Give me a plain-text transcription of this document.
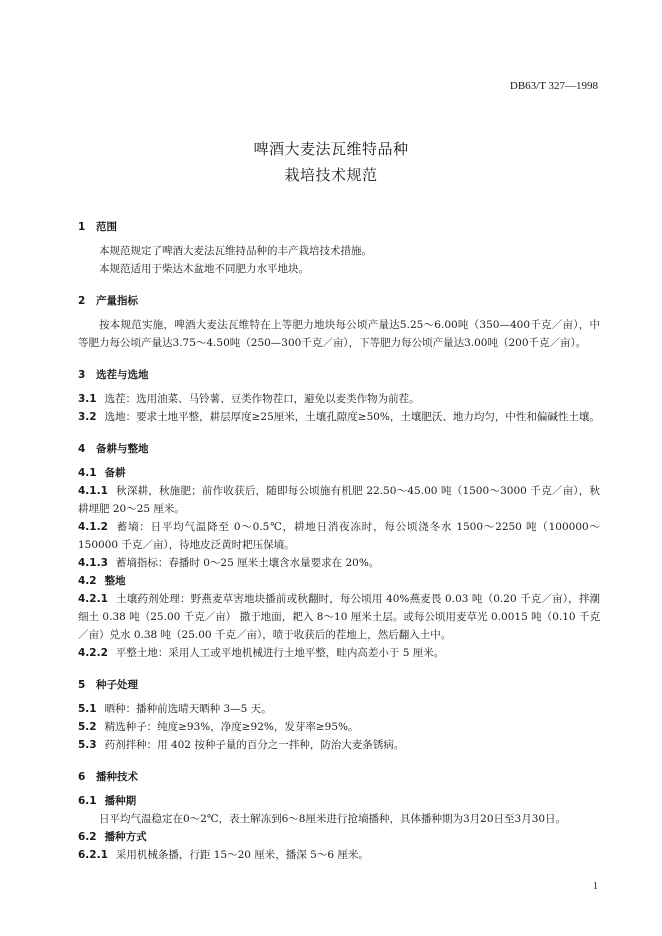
DB63/T 327—1998
啤酒大麦法瓦维特品种
栽培技术规范
1 范围
本规范规定了啤酒大麦法瓦维持品种的丰产栽培技术措施。
本规范适用于柴达木盆地不同肥力水平地块。
2 产量指标
按本规范实施，啤酒大麦法瓦维特在上等肥力地块每公顷产量达5.25～6.00吨（350—400千克／亩），中等肥力每公顷产量达3.75～4.50吨（250—300千克／亩），下等肥力每公顷产量达3.00吨（200千克／亩）。
3 选茬与选地
3.1 选茬：选用油菜、马铃薯、豆类作物茬口，避免以麦类作物为前茬。
3.2 选地：要求土地平整，耕层厚度≥25厘米，土壤孔隙度≥50%，土壤肥沃、地力均匀，中性和偏碱性土壤。
4 备耕与整地
4.1 备耕
4.1.1 秋深耕，秋施肥；前作收获后，随即每公顷施有机肥 22.50～45.00 吨（1500～3000 千克／亩），秋耕埋肥 20～25 厘米。
4.1.2 蓄墒：日平均气温降至 0～0.5℃，耕地日消夜冻时，每公顷浇冬水 1500～2250 吨（100000～150000 千克／亩），待地皮泛黄时耙压保墒。
4.1.3 蓄墒指标：春播时 0～25 厘米土壤含水量要求在 20%。
4.2 整地
4.2.1 土壤药剂处理：野燕麦草害地块播前或秋翻时，每公顷用 40%燕麦畏 0.03 吨（0.20 千克／亩），拌潮细土 0.38 吨（25.00 千克／亩） 撒于地面，耙入 8～10 厘米土层。或每公顷用麦草光 0.0015 吨（0.10 千克／亩）兑水 0.38 吨（25.00 千克／亩），喷于收获后的茬地上，然后翻入土中。
4.2.2 平整土地：采用人工或平地机械进行土地平整，畦内高差小于 5 厘米。
5 种子处理
5.1 晒种：播种前选晴天晒种 3—5 天。
5.2 精选种子：纯度≥93%，净度≥92%，发芽率≥95%。
5.3 药剂拌种：用 402 按种子量的百分之一拌种，防治大麦条锈病。
6 播种技术
6.1 播种期
日平均气温稳定在0～2℃，表土解冻到6～8厘米进行抢墒播种，具体播种期为3月20日至3月30日。
6.2 播种方式
6.2.1 采用机械条播，行距 15～20 厘米，播深 5～6 厘米。
1
